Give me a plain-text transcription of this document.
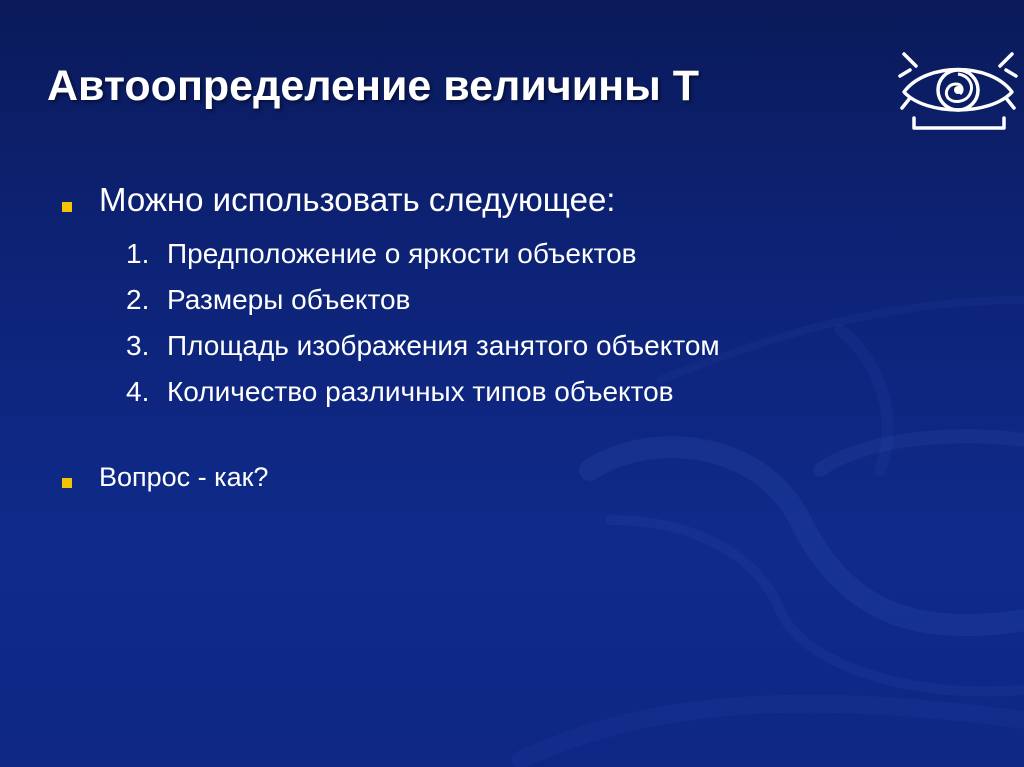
Автоопределение величины Т
Можно использовать следующее:
1. Предположение о яркости объектов
2. Размеры объектов
3. Площадь изображения занятого объектом
4. Количество различных типов объектов
Вопрос - как?
